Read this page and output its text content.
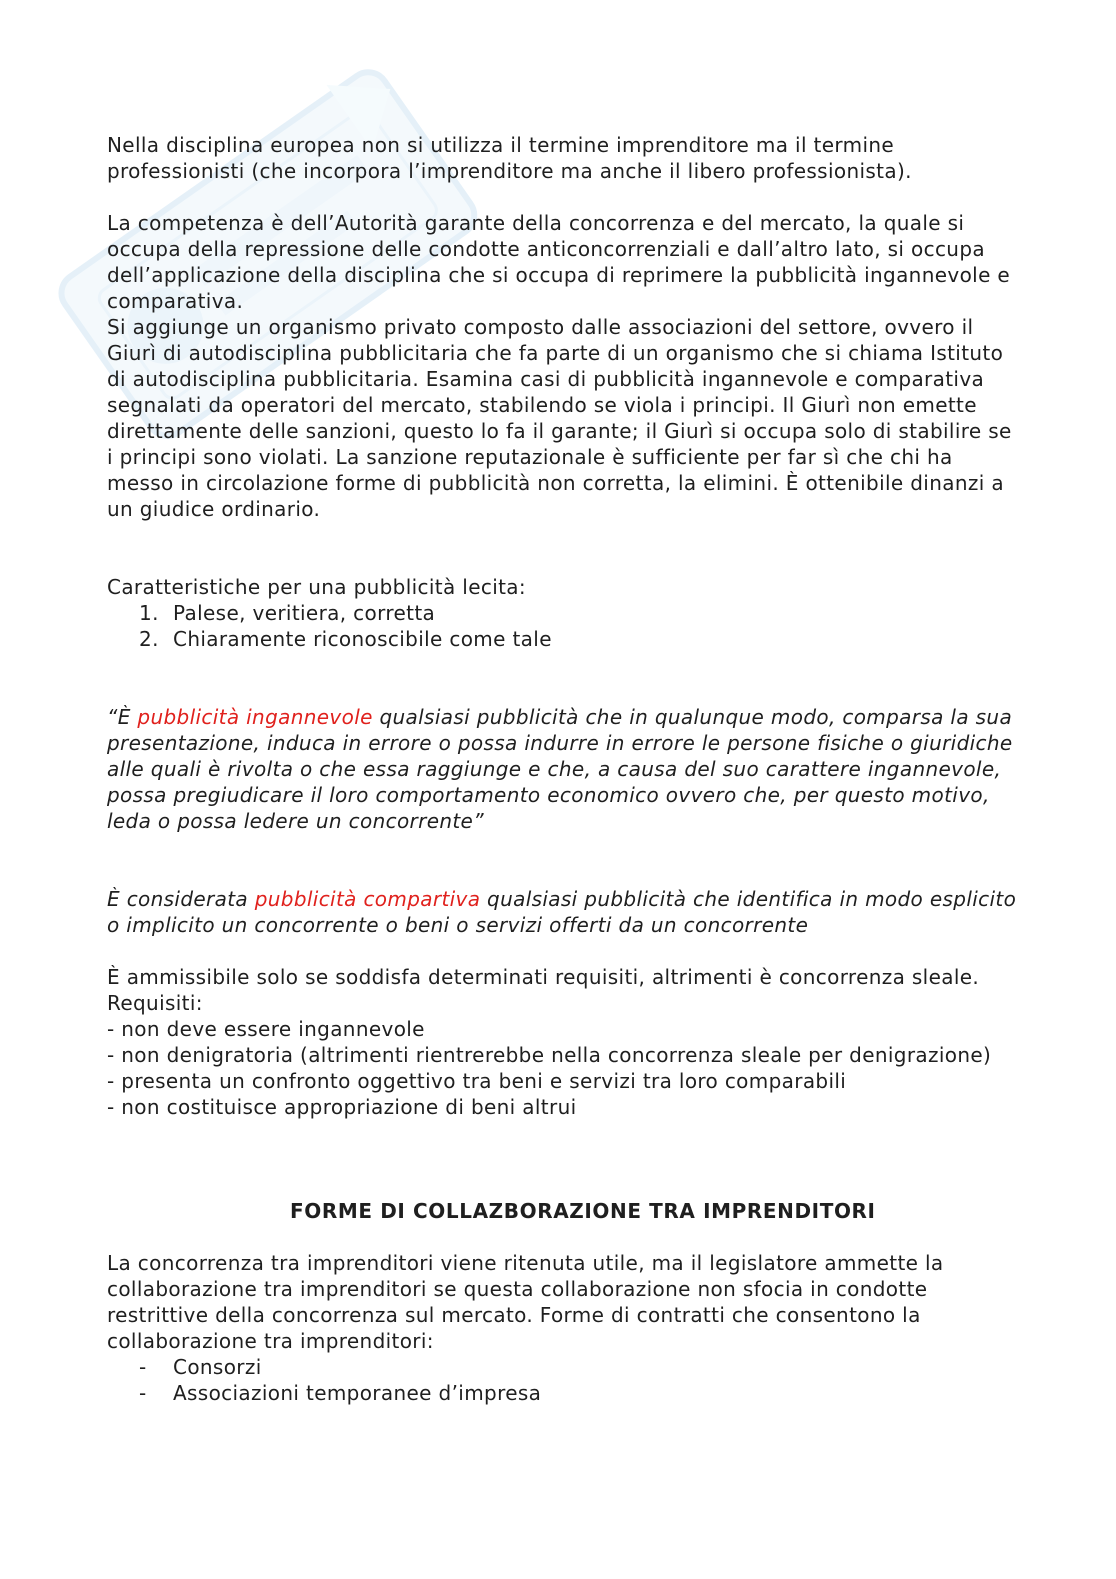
Nella disciplina europea non si utilizza il termine imprenditore ma il termine professionisti (che incorpora l’imprenditore ma anche il libero professionista).

La competenza è dell’Autorità garante della concorrenza e del mercato, la quale si occupa della repressione delle condotte anticoncorrenziali e dall’altro lato, si occupa dell’applicazione della disciplina che si occupa di reprimere la pubblicità ingannevole e comparativa.

Si aggiunge un organismo privato composto dalle associazioni del settore, ovvero il Giurì di autodisciplina pubblicitaria che fa parte di un organismo che si chiama Istituto di autodisciplina pubblicitaria. Esamina casi di pubblicità ingannevole e comparativa segnalati da operatori del mercato, stabilendo se viola i principi. Il Giurì non emette direttamente delle sanzioni, questo lo fa il garante; il Giurì si occupa solo di stabilire se i principi sono violati. La sanzione reputazionale è sufficiente per far sì che chi ha messo in circolazione forme di pubblicità non corretta, la elimini. È ottenibile dinanzi a un giudice ordinario.

Caratteristiche per una pubblicità lecita:

1. Palese, veritiera, corretta
2. Chiaramente riconoscibile come tale

“È pubblicità ingannevole qualsiasi pubblicità che in qualunque modo, comparsa la sua presentazione, induca in errore o possa indurre in errore le persone fisiche o giuridiche alle quali è rivolta o che essa raggiunge e che, a causa del suo carattere ingannevole, possa pregiudicare il loro comportamento economico ovvero che, per questo motivo, leda o possa ledere un concorrente”

È considerata pubblicità compartiva qualsiasi pubblicità che identifica in modo esplicito o implicito un concorrente o beni o servizi offerti da un concorrente

È ammissibile solo se soddisfa determinati requisiti, altrimenti è concorrenza sleale.

Requisiti:

- non deve essere ingannevole

- non denigratoria (altrimenti rientrerebbe nella concorrenza sleale per denigrazione)

- presenta un confronto oggettivo tra beni e servizi tra loro comparabili

- non costituisce appropriazione di beni altrui

FORME DI COLLAZBORAZIONE TRA IMPRENDITORI

La concorrenza tra imprenditori viene ritenuta utile, ma il legislatore ammette la collaborazione tra imprenditori se questa collaborazione non sfocia in condotte restrittive della concorrenza sul mercato. Forme di contratti che consentono la collaborazione tra imprenditori:

- Consorzi
- Associazioni temporanee d’impresa
